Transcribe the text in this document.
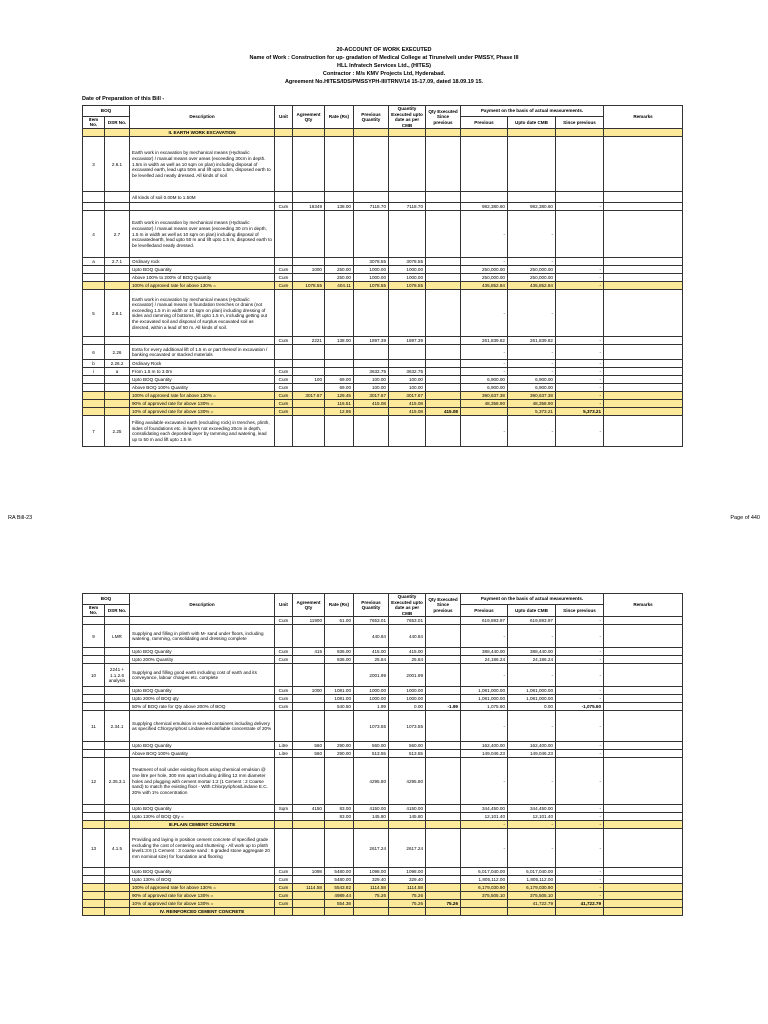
20-ACCOUNT OF WORK EXECUTED
Name of Work : Construction for up- gradation of Medical College at Tirunelveli under PMSSY, Phase III
HLL Infratech Services Ltd., (HITES)
Contractor : M/s KMV Projects Ltd, Hyderabad.
Agreement No.HITES/IDS/PMSSYPH-III/TRNV/14 15-17.09, dated 18.09.19 15.
Date of Preparation of this Bill -
BOQ		Description	Unit	Agreement Qty	Rate (Rs)	Previous Quantity	Quantity Executed upto date as per CMB	Qty Executed Since previous	Payment on the basis of actual measurements.			Remarks
Item No.	DSR No.								Previous	Upto date CMB	Since previous	
		II. EARTH WORK EXCAVATION										
3	2.6.1	Earth work in excavation by mechanical means (Hydraulic excavator) / manual means over areas (exceeding 30cm in depth. 1.5m in width as well as 10 sqm on plan) including disposal of excavated earth, lead upto 50m and lift upto 1.5m, disposed earth to be levelled and neatly dressed. All kinds of soil										
		All kinds of soil 0.00M to 1.50M										
			Cum	16349	138.00	7118.70	7118.70		982,380.60	982,380.60	-	
4	2.7	Earth work in excavation by mechanical means (Hydraulic excavator) / manual means over areas (exceeding 30 cm in depth, 1.5 m in width as well as 10 sqm on plan) including disposal of excavatedearth, lead upto 50 m and lift upto 1.5 m, disposed earth to be levelledand neatly dressed.							-	-		
a	2.7.1	Ordinary rock				3078.55	3078.55		-	-		
		Upto BOQ Quantity	Cum	1000	250.00	1000.00	1000.00		250,000.00	250,000.00	-	
		Above 100% to 200% of BOQ Quantity	Cum		250.00	1000.00	1000.00		250,000.00	250,000.00	-	
		100% of approved rate for above 130% =	Cum	1078.55	404.11	1078.55	1078.55		435,852.84	435,852.84	-	
5	2.8.1	Earth work in excavation by mechanical means (Hydraulic excavator) / manual means in foundation trenches or drains (not exceeding 1.5 m in width or 10 sqm on plan) including dressing of sides and ramming of bottoms, lift upto 1.5 m, including getting out the excavated soil and disposal of surplus excavated soil as directed, within a lead of 50 m. All kinds of soil.							-	-		
			Cum	2221	138.00	1897.39	1897.39		261,839.82	261,839.82	-	
6	2.26	Extra for every additional lift of 1.5 m or part thereof in excavation / banking excavated or stacked materials							-	-	-	
b	2.26.2	Ordinary Rock							-	-	-	
i	a	From 1.5 m to 3.0m	Cum			3632.75	3632.75		-	-	-	
		Upto BOQ Quantity	Cum	100	69.00	100.00	100.00		6,900.00	6,900.00	-	
		Above BOQ 100% Quantity	Cum		69.00	100.00	100.00		6,900.00	6,900.00	-	
		100% of approved rate for above 130% =	Cum	3017.67	129.45	3017.67	3017.67		390,637.38	390,637.38	-	
		90% of approved rate for above 130% =	Cum		116.51	415.08	415.08		48,358.90	48,358.90	-	
		10% of approved rate for above 130% =	Cum		12.95		415.08	415.08		5,373.21	5,373.21	
7	2.25	Filling available excavated earth (excluding rock) in trenches, plinth, sides of foundations etc. in layers not exceeding 20cm in depth, consolidating each deposited layer by ramming and watering, lead up to 50 m and lift upto 1.5 m							-	-	-	
RA Bill-23	Page of 440
BOQ		Description	Unit	Agreement Qty	Rate (Rs)	Previous Quantity	Quantity Executed upto date as per CMB	Qty Executed Since previous	Payment on the basis of actual measurements.			Remarks
Item No.	DSR No.								Previous	Upto date CMB	Since previous	
			Cum	11900	61.00	7653.01	7653.01		619,893.97	619,893.97	-	
9	LMR	Supplying and filling in plinth with M- sand under floors, including watering, ramming, consolidating and dressing complete				440.84	440.84		-	-	-	
		Upto BOQ Quantity	Cum	415	936.00	415.00	415.00		388,440.00	388,440.00	-	
		Upto 200% Quantity	Cum		936.00	25.84	25.84		24,186.24	24,186.24	-	
10	2241 + 1.1.2.6 analysis	Supplying and filling good earth including cost of earth and its conveyance, labour charges etc. complete				2001.99	2001.99		-	-	-	
		Upto BOQ Quantity	Cum	1000	1081.00	1000.00	1000.00		1,081,000.00	1,081,000.00	-	
		Upto 200% of BOQ qty	Cum		1081.00	1000.00	1000.00		1,081,000.00	1,081,000.00	-	
		50% of BOQ rate for Qty above 200% of BOQ	Cum		540.50	1.99	0.00	-1.99	1,075.60	0.00	-1,075.60	
11	2.34.1	Supplying chemical emulsion in sealed containers including delivery as specified Chlorpyriphos/ Lindane emulsifiable concentrate of 20%				1073.55	1073.55		-	-	-	
		Upto BOQ Quantity	Litre	560	290.00	560.00	560.00		162,400.00	162,400.00	-	
		Above BOQ 100% Quantity	Litre	560	290.00	513.55	513.55		149,046.23	149,046.23	-	
12	2.35.3.1	Treatment of soil under existing floors using chemical emulsion @ one litre per hole, 300 mm apart including drilling 12 mm diameter holes and plugging with cement mortar 1:2 (1 Cement : 2 Coarse sand) to match the existing floor - With Chlorpyriphos/Lindane E.C. 20% with 1% concentration				4295.80	4295.80		-	-	-	
		Upto BOQ Quantity	Sqm	4150	83.00	4150.00	4150.00		344,450.00	344,450.00	-	
		Upto 130% of BOQ Qty =			83.00	145.80	145.80		12,101.40	12,101.40	-	
		III.PLAIN CEMENT CONCRETE							-	-	-	
13	4.1.5	Providing and laying in position cement concrete of specified grade excluding the cost of centering and shuttering - All work up to plinth level1:3:6 (1 Cement : 3 coarse sand : 6 graded stone aggregate 20 mm nominal size) for foundation and flooring				2617.24	2617.24		-	-	-	
		Upto BOQ Quantity	Cum	1098	5480.00	1098.00	1098.00		6,017,040.00	6,017,040.00	-	
		Upto 130% of BOQ	Cum		5480.00	329.40	329.40		1,805,112.00	1,805,112.00	-	
		100% of approved rate for above 130% =	Cum	1114.58	5543.82	1114.58	1114.58		6,179,030.90	6,179,030.90	-	
		90% of approved rate for above 130% =	Cum		4989.44	75.26	75.26		375,505.10	375,505.10	-	
		10% of approved rate for above 130% =	Cum		554.38		75.26	75.26		41,722.79	41,722.79	
		IV. REINFORCED CEMENT CONCRETE										
